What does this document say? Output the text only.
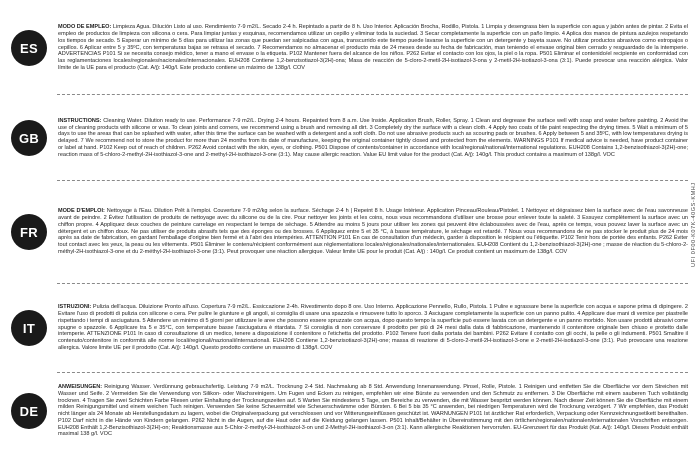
ES
MODO DE EMPLEO: Limpieza Agua. Dilución Listo al uso. Rendimiento 7-9 m2/L. Secado 2-4 h. Repintado a partir de 8 h. Uso Interior. Aplicación Brocha, Rodillo, Pistola. 1 Limpia y desengrasa bien la superficie con agua y jabón antes de pintar. 2 Evita el empleo de productos de limpieza con silicona o cera. Para limpiar juntas y esquinas, recomendamos utilizar un cepillo y eliminar toda la suciedad. 3 Secar completamente la superficie con un paño limpio. 4 Aplica dos manos de pintura azulejos respetando los tiempos de secado. 5 Esperar un mínimo de 5 días para utilizar las zonas que puedan ser salpicadas con agua, transcurrido este tiempo puede lavarse la superficie con un detergente y bayeta suave. No utilizar productos abrasivos como estropajos o cepillos. 6 Aplicar entre 5 y 35ºC, con temperaturas bajas se retrasa el secado. 7 Recomendamos no almacenar el producto más de 24 meses desde su fecha de fabricación, man teniendo el envase original bien cerrado y resguardado de la intemperie. ADVERTENCIAS P101 Si se necesita consejo médico, tener a mano el envase o la etiqueta. P102 Mantener fuera del alcance de los niños. P262 Evitar el contacto con los ojos, la piel o la ropa. P501 Eliminar el contenido/el recipiente en conformidad con las reglamentaciones locales/regionales/nacionales/internacionales. EUH208 Contiene 1,2-benzisotiazol-3(2H)-ona; Masa de reacción de 5-cloro-2-metil-2H-isotiazol-3-ona y 2-metil-2H-isotiazol-3-ona (3:1). Puede provocar una reacción alérgica. Valor límite de la UE para el producto (Cat. A/j): 140g/l. Este producto contiene un máximo de 138g/l. COV
GB
INSTRUCTIONS: Cleaning Water. Dilution ready to use. Performance 7-9 m2/L. Drying 2-4 hours. Repainted from 8 a.m. Use Inside. Application Brush, Roller, Spray. 1 Clean and degrease the surface well with soap and water before painting. 2 Avoid the use of cleaning products with silicone or wax. To clean joints and corners, we recommend using a brush and removing all dirt. 3 Completely dry the surface with a clean cloth. 4 Apply two coats of tile paint respecting the drying times. 5 Wait a minimum of 5 days to use the areas that can be splashed with water, after this time the surface can be washed with a detergent and a soft cloth. Do not use abrasive products such as scouring pads or brushes. 6 Apply between 5 and 35ºC, with low temperatures drying is delayed. 7 We recommend not to store the product for more than 24 months from its date of manufacture, keeping the original container tightly closed and protected from the elements. WARNINGS P101 If medical advice is needed, have product container or label at hand. P102 Keep out of reach of children. P262 Avoid contact with the skin, eyes, or clothing. P501 Dispose of contents/container in accordance with local/regional/national/international regulations. EUH208 Contains 1,2-benzisothiazol-3(2H)-one; reaction mass of 5-chloro-2-methyl-2H-isothiazol-3-one and 2-methyl-2H-isothiazol-3-one (3:1). May cause allergic reaction. Value EU limit value for the product (Cat. A/j): 140g/l. This product contains a maximum of 138g/l. VOC
FR
MODE D'EMPLOI: Nettoyage à l'Eau. Dilution Prêt à l'emploi. Couverture 7-9 m2/kg selon la surface. Séchage 2-4 h | Repeint 8 h. Usage Intérieur. Application Pinceau/Rouleau/Pistolet. 1 Nettoyez et dégraissez bien la surface avec de l'eau savonneuse avant de peindre. 2 Évitez l'utilisation de produits de nettoyage avec du silicone ou de la cire. Pour nettoyer les joints et les coins, nous vous recommandons d'utiliser une brosse pour enlever toute la saleté. 3 Essuyez complètement la surface avec un chiffon propre. 4 Appliquez deux couches de peinture carrelage en respectant le temps de séchage. 5 Attendre au moins 5 jours pour utiliser les zones qui peuvent être éclaboussées avec de l'eau, après ce temps, vous pouvez laver la surface avec un détergent et un chiffon doux. Ne pas utiliser de produits abrasifs tels que des éponges ou des brosses. 6 Appliquez entre 5 et 35 °C, à basse température, le séchage est retardé. 7 Nous vous recommandons de ne pas stocker le produit plus de 24 mois après sa date de fabrication, en gardant l'emballage d'origine bien fermé et à l'abri des intempéries. ATTENTION P101 En cas de consultation d'un médecin, garder à disposition le récipient ou l'étiquette. P102 Tenir hors de portée des enfants. P262 Éviter tout contact avec les yeux, la peau ou les vêtements. P501 Éliminer le contenu/récipient conformément aux réglementations locales/régionales/nationales/internationales. EUH208 Contient du 1,2-benzisothiazol-3(2H)-one ; masse de réaction du 5-chloro-2-méthyl-2H-isothiazol-3-one et du 2-méthyl-2H-isothiazol-3-one (3:1). Peut provoquer une réaction allergique. Valeur limite UE pour le produit (Cat. A/j) : 140g/l. Ce produit contient un maximum de 138g/l. COV
IT
ISTRUZIONI: Pulizia dell'acqua. Diluizione Pronto all'uso. Copertura 7-9 m2/L. Essiccazione 2-4h. Rivestimento dopo 8 ore. Uso Interno. Applicazione Pennello, Rullo, Pistola. 1 Pulire e sgrassare bene la superficie con acqua e sapone prima di dipingere. 2 Evitare l'uso di prodotti di pulizia con silicone o cera. Per pulire le giunture e gli angoli, si consiglia di usare una spazzola e rimuovere tutto lo sporco. 3 Asciugare completamente la superficie con un panno pulito. 4 Applicare due mani di vernice per piastrelle rispettando i tempi di asciugatura. 5 Attendere un minimo di 5 giorni per utilizzare le aree che possono essere spruzzate con acqua, dopo questo tempo la superficie può essere lavata con un detergente e un panno morbido. Non usare prodotti abrasivi come spugne o spazzole. 6 Applicare tra 5 e 35°C, con temperature basse l'asciugatura è ritardata. 7 Si consiglia di non conservare il prodotto per più di 24 mesi dalla data di fabbricazione, mantenendo il contenitore originale ben chiuso e protetto dalle intemperie. ATTENZIONE P101 In caso di consultazione di un medico, tenere a disposizione il contenitore o l'etichetta del prodotto. P102 Tenere fuori dalla portata dei bambini. P262 Evitare il contatto con gli occhi, la pelle o gli indumenti. P501 Smaltire il contenuto/contenitore in conformità alle norme locali/regionali/nazionali/internazionali. EUH208 Contiene 1,2-benzisotiazol-3(2H)-one; massa di reazione di 5-cloro-2-metil-2H-isotiazol-3-one e 2-metil-2H-isotiazol-3-one (3:1). Può provocare una reazione allergica. Valore limite UE per il prodotto (Cat. A/j): 140g/l. Questo prodotto contiene un massimo di 138g/l. COV
DE
ANWEISUNGEN: Reinigung Wasser. Verdünnung gebrauchsfertig. Leistung 7-9 m2/L. Trocknung 2-4 Std. Nachmalung ab 8 Std. Anwendung Innenanwendung. Pinsel, Rolle, Pistole. 1 Reinigen und entfetten Sie die Oberfläche vor dem Streichen mit Wasser und Seife. 2 Vermeiden Sie die Verwendung von Silikon- oder Wachsreinigern. Um Fugen und Ecken zu reinigen, empfehlen wir eine Bürste zu verwenden und den Schmutz zu entfernen. 3 Die Oberfläche mit einem sauberen Tuch vollständig trocknen. 4 Tragen Sie zwei Schichten Farbe Fliesen unter Einhaltung der Trocknungszeiten auf. 5 Warten Sie mindestens 5 Tage, um Bereiche zu verwenden, die mit Wasser bespritzt werden können. Nach dieser Zeit können Sie die Oberfläche mit einem milden Reinigungsmittel und einem weichen Tuch reinigen. Verwenden Sie keine Scheuermittel wie Scheuerschwämme oder Bürsten. 6 Bei 5 bis 35 °C anwenden, bei niedrigen Temperaturen wird die Trocknung verzögert. 7 Wir empfehlen, das Produkt nicht länger als 24 Monate ab Herstellungsdatum zu lagern, wobei die Originalverpackung gut verschlossen und vor Witterungseinflüssen geschützt ist. WARNUNGEN P101 Ist ärztlicher Rat erforderlich, Verpackung oder Kennzeichnungsetikett bereithalten. P102 Darf nicht in die Hände von Kindern gelangen. P262 Nicht in die Augen, auf die Haut oder auf die Kleidung gelangen lassen. P501 Inhalt/Behälter in Übereinstimmung mit den örtlichen/regionalen/nationalen/internationalen Vorschriften entsorgen. EUH208 Enthält 1,2-Benzisothiazol-3(2H)-on; Reaktionsmasse aus 5-Chlor-2-methyl-2H-isothiazol-3-on und 2-Methyl-2H-isothiazol-3-on (3:1). Kann allergische Reaktionen hervorrufen. EU-Grenzwert für das Produkt (Kat. A/j): 140g/l. Dieses Produkt enthält maximal 138 g/l. VOC
UFI 0F00-K07K-40GS-KMHJ
